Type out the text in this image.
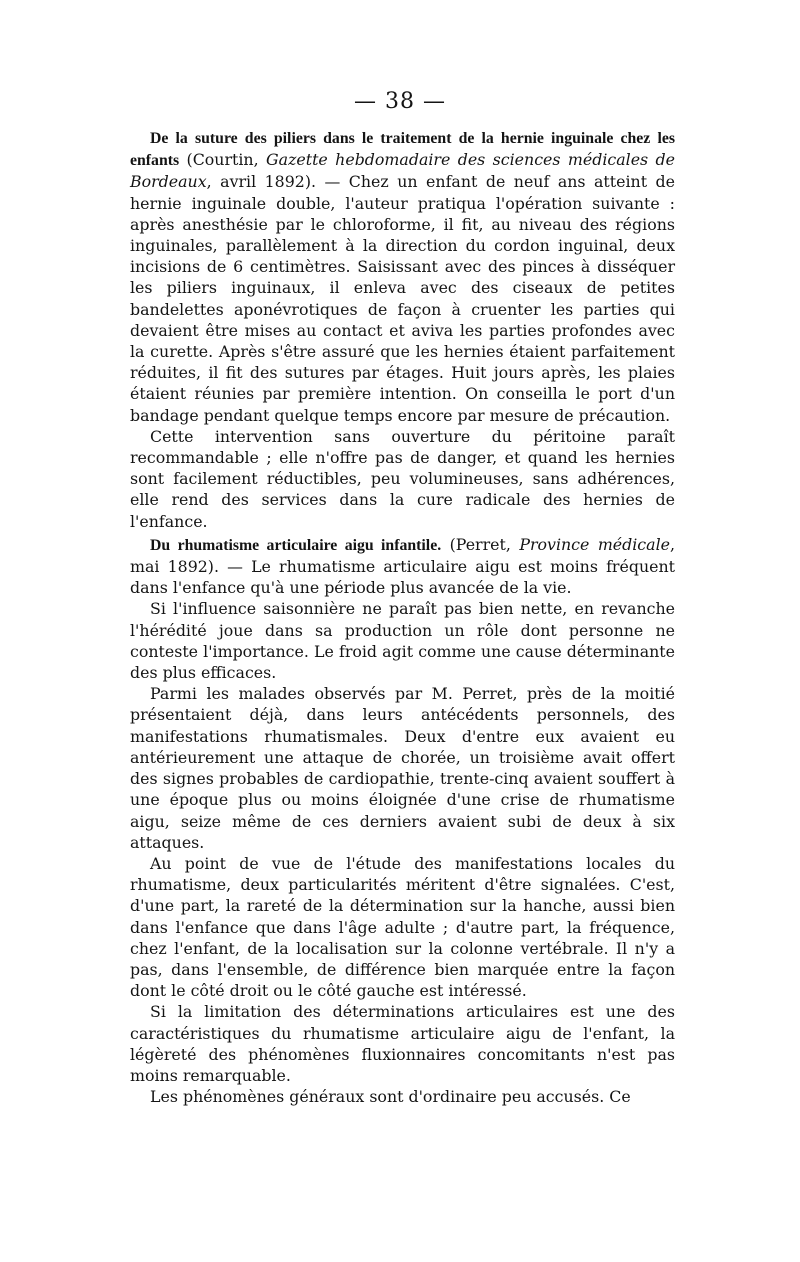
— 38 —

De la suture des piliers dans le traitement de la hernie inguinale chez les enfants (Courtin, Gazette hebdomadaire des sciences médicales de Bordeaux, avril 1892). — Chez un enfant de neuf ans atteint de hernie inguinale double, l'auteur pratiqua l'opération suivante : après anesthésie par le chloroforme, il fit, au niveau des régions inguinales, parallèlement à la direction du cordon inguinal, deux incisions de 6 centimètres. Saisissant avec des pinces à disséquer les piliers inguinaux, il enleva avec des ciseaux de petites bandelettes aponévrotiques de façon à cruenter les parties qui devaient être mises au contact et aviva les parties profondes avec la curette. Après s'être assuré que les hernies étaient parfaitement réduites, il fit des sutures par étages. Huit jours après, les plaies étaient réunies par première intention. On conseilla le port d'un bandage pendant quelque temps encore par mesure de précaution.

Cette intervention sans ouverture du péritoine paraît recommandable ; elle n'offre pas de danger, et quand les hernies sont facilement réductibles, peu volumineuses, sans adhérences, elle rend des services dans la cure radicale des hernies de l'enfance.

Du rhumatisme articulaire aigu infantile. (Perret, Province médicale, mai 1892). — Le rhumatisme articulaire aigu est moins fréquent dans l'enfance qu'à une période plus avancée de la vie.

Si l'influence saisonnière ne paraît pas bien nette, en revanche l'hérédité joue dans sa production un rôle dont personne ne conteste l'importance. Le froid agit comme une cause déterminante des plus efficaces.

Parmi les malades observés par M. Perret, près de la moitié présentaient déjà, dans leurs antécédents personnels, des manifestations rhumatismales. Deux d'entre eux avaient eu antérieurement une attaque de chorée, un troisième avait offert des signes probables de cardiopathie, trente-cinq avaient souffert à une époque plus ou moins éloignée d'une crise de rhumatisme aigu, seize même de ces derniers avaient subi de deux à six attaques.

Au point de vue de l'étude des manifestations locales du rhumatisme, deux particularités méritent d'être signalées. C'est, d'une part, la rareté de la détermination sur la hanche, aussi bien dans l'enfance que dans l'âge adulte ; d'autre part, la fréquence, chez l'enfant, de la localisation sur la colonne vertébrale. Il n'y a pas, dans l'ensemble, de différence bien marquée entre la façon dont le côté droit ou le côté gauche est intéressé.

Si la limitation des déterminations articulaires est une des caractéristiques du rhumatisme articulaire aigu de l'enfant, la légèreté des phénomènes fluxionnaires concomitants n'est pas moins remarquable.

Les phénomènes généraux sont d'ordinaire peu accusés. Ce
